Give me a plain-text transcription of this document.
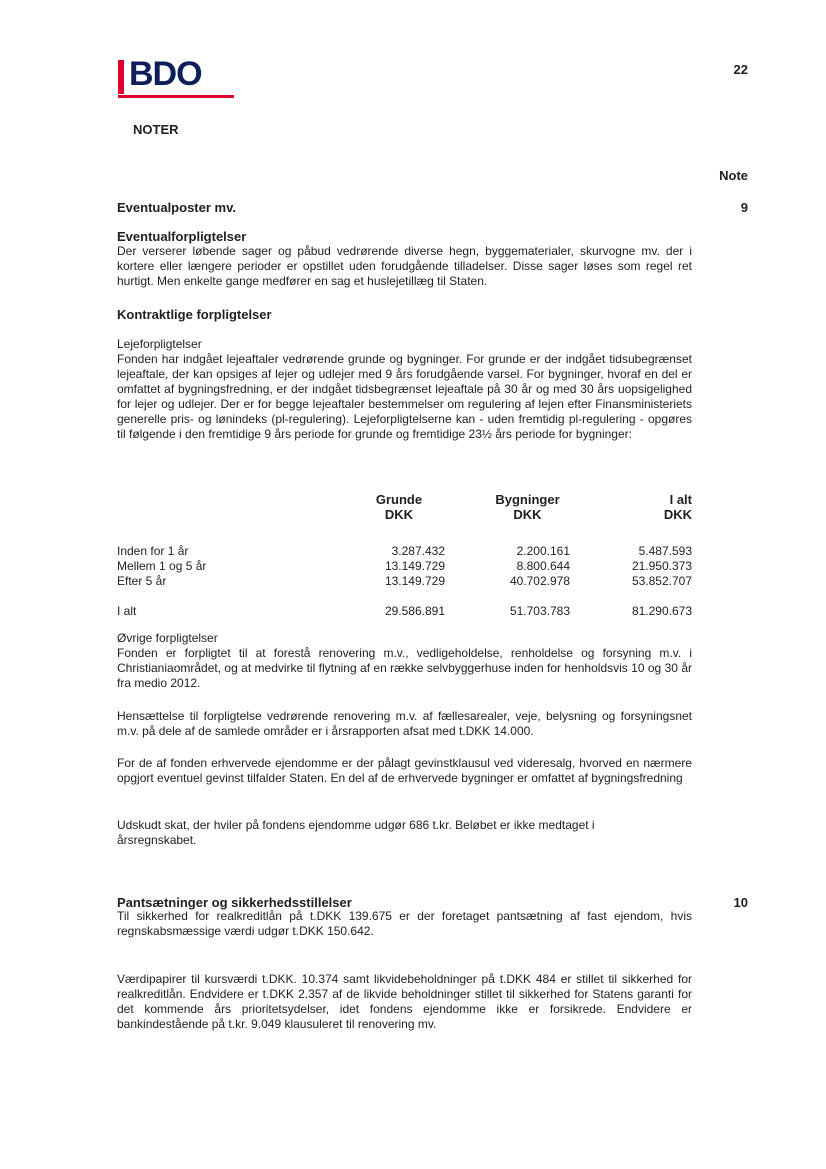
BDO	22
NOTER
Note
9
Eventualposter mv.
Eventualforpligtelser
Der verserer løbende sager og påbud vedrørende diverse hegn, byggematerialer, skurvogne mv. der i kortere eller længere perioder er opstillet uden forudgående tilladelser. Disse sager løses som regel ret hurtigt. Men enkelte gange medfører en sag et huslejetillæg til Staten.
Kontraktlige forpligtelser
Lejeforpligtelser
Fonden har indgået lejeaftaler vedrørende grunde og bygninger. For grunde er der indgået tidsubegrænset lejeaftale, der kan opsiges af lejer og udlejer med 9 års forudgående varsel. For bygninger, hvoraf en del er omfattet af bygningsfredning, er der indgået tidsbegrænset lejeaftale på 30 år og med 30 års uopsigelighed for lejer og udlejer. Der er for begge lejeaftaler bestemmelser om regulering af lejen efter Finansministeriets generelle pris- og lønindeks (pl-regulering). Lejeforpligtelserne kan - uden fremtidig pl-regulering - opgøres til følgende i den fremtidige 9 års periode for grunde og fremtidige 23½ års periode for bygninger:
	Grunde	Bygninger	I alt
	DKK	DKK	DKK

Inden for 1 år	3.287.432	2.200.161	5.487.593
Mellem 1 og 5 år	13.149.729	8.800.644	21.950.373
Efter 5 år	13.149.729	40.702.978	53.852.707

I alt	29.586.891	51.703.783	81.290.673
Øvrige forpligtelser
Fonden er forpligtet til at forestå renovering m.v., vedligeholdelse, renholdelse og forsyning m.v. i Christianiaområdet, og at medvirke til flytning af en række selvbyggerhuse inden for henholdsvis 10 og 30 år fra medio 2012.
Hensættelse til forpligtelse vedrørende renovering m.v. af fællesarealer, veje, belysning og forsyningsnet m.v. på dele af de samlede områder er i årsrapporten afsat med t.DKK 14.000.
For de af fonden erhvervede ejendomme er der pålagt gevinstklausul ved videresalg, hvorved en nærmere opgjort eventuel gevinst tilfalder Staten. En del af de erhvervede bygninger er omfattet af bygningsfredning
Udskudt skat, der hviler på fondens ejendomme udgør 686 t.kr. Beløbet er ikke medtaget i årsregnskabet.
10
Pantsætninger og sikkerhedsstillelser
Til sikkerhed for realkreditlån på t.DKK 139.675 er der foretaget pantsætning af fast ejendom, hvis regnskabsmæssige værdi udgør t.DKK 150.642.
Værdipapirer til kursværdi t.DKK. 10.374 samt likvidebeholdninger på t.DKK 484 er stillet til sikkerhed for realkreditlån. Endvidere er t.DKK 2.357 af de likvide beholdninger stillet til sikkerhed for Statens garanti for det kommende års prioritetsydelser, idet fondens ejendomme ikke er forsikrede. Endvidere er bankindestående på t.kr. 9.049 klausuleret til renovering mv.
